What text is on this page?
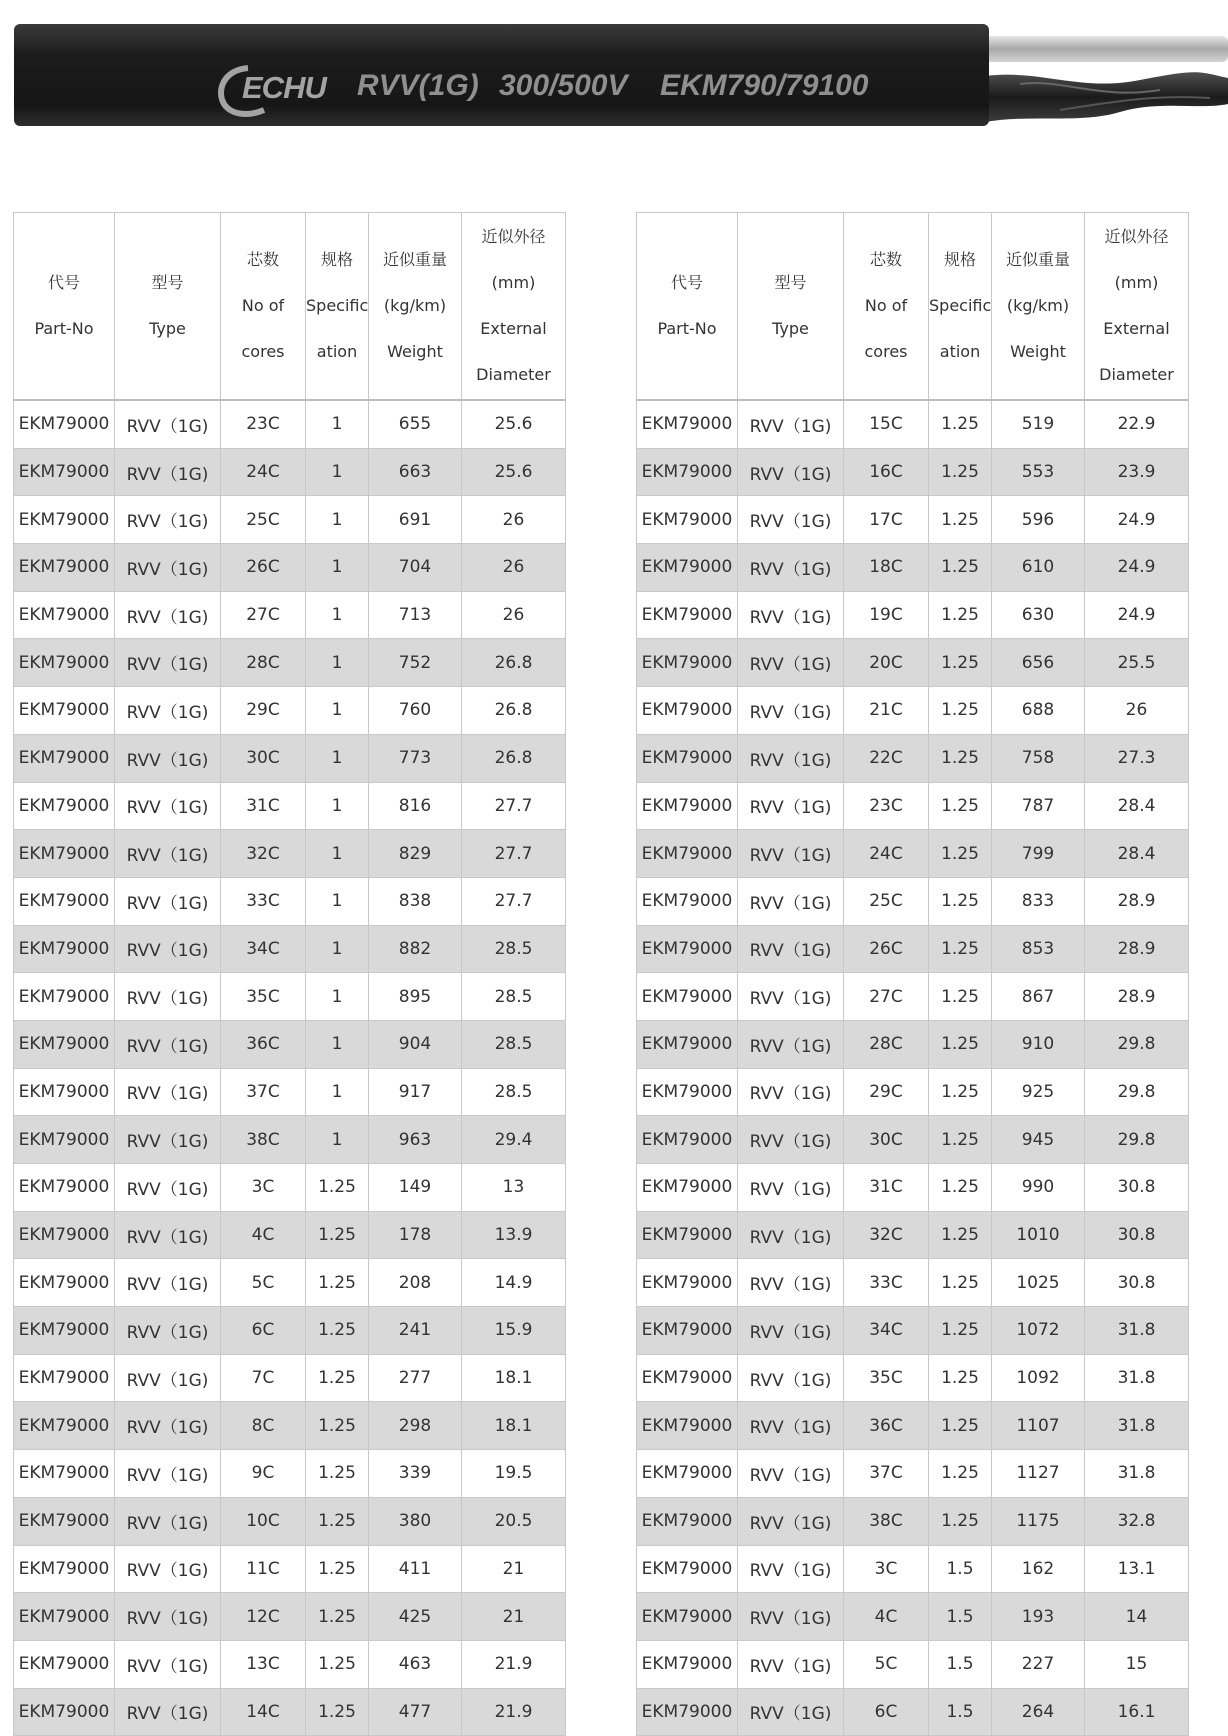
ECHU RVV(1G) 300/500V EKM790/79100
代号
Part-No	型号
Type	芯数
No of
cores	规格
Specific
ation	近似重量
(kg/km)
Weight	近似外径
(mm)
External
Diameter

EKM79000	RVV（1G)	23C	1	655	25.6
EKM79000	RVV（1G)	24C	1	663	25.6
EKM79000	RVV（1G)	25C	1	691	26
EKM79000	RVV（1G)	26C	1	704	26
EKM79000	RVV（1G)	27C	1	713	26
EKM79000	RVV（1G)	28C	1	752	26.8
EKM79000	RVV（1G)	29C	1	760	26.8
EKM79000	RVV（1G)	30C	1	773	26.8
EKM79000	RVV（1G)	31C	1	816	27.7
EKM79000	RVV（1G)	32C	1	829	27.7
EKM79000	RVV（1G)	33C	1	838	27.7
EKM79000	RVV（1G)	34C	1	882	28.5
EKM79000	RVV（1G)	35C	1	895	28.5
EKM79000	RVV（1G)	36C	1	904	28.5
EKM79000	RVV（1G)	37C	1	917	28.5
EKM79000	RVV（1G)	38C	1	963	29.4
EKM79000	RVV（1G)	3C	1.25	149	13
EKM79000	RVV（1G)	4C	1.25	178	13.9
EKM79000	RVV（1G)	5C	1.25	208	14.9
EKM79000	RVV（1G)	6C	1.25	241	15.9
EKM79000	RVV（1G)	7C	1.25	277	18.1
EKM79000	RVV（1G)	8C	1.25	298	18.1
EKM79000	RVV（1G)	9C	1.25	339	19.5
EKM79000	RVV（1G)	10C	1.25	380	20.5
EKM79000	RVV（1G)	11C	1.25	411	21
EKM79000	RVV（1G)	12C	1.25	425	21
EKM79000	RVV（1G)	13C	1.25	463	21.9
EKM79000	RVV（1G)	14C	1.25	477	21.9
代号
Part-No	型号
Type	芯数
No of
cores	规格
Specific
ation	近似重量
(kg/km)
Weight	近似外径
(mm)
External
Diameter

EKM79000	RVV（1G)	15C	1.25	519	22.9
EKM79000	RVV（1G)	16C	1.25	553	23.9
EKM79000	RVV（1G)	17C	1.25	596	24.9
EKM79000	RVV（1G)	18C	1.25	610	24.9
EKM79000	RVV（1G)	19C	1.25	630	24.9
EKM79000	RVV（1G)	20C	1.25	656	25.5
EKM79000	RVV（1G)	21C	1.25	688	26
EKM79000	RVV（1G)	22C	1.25	758	27.3
EKM79000	RVV（1G)	23C	1.25	787	28.4
EKM79000	RVV（1G)	24C	1.25	799	28.4
EKM79000	RVV（1G)	25C	1.25	833	28.9
EKM79000	RVV（1G)	26C	1.25	853	28.9
EKM79000	RVV（1G)	27C	1.25	867	28.9
EKM79000	RVV（1G)	28C	1.25	910	29.8
EKM79000	RVV（1G)	29C	1.25	925	29.8
EKM79000	RVV（1G)	30C	1.25	945	29.8
EKM79000	RVV（1G)	31C	1.25	990	30.8
EKM79000	RVV（1G)	32C	1.25	1010	30.8
EKM79000	RVV（1G)	33C	1.25	1025	30.8
EKM79000	RVV（1G)	34C	1.25	1072	31.8
EKM79000	RVV（1G)	35C	1.25	1092	31.8
EKM79000	RVV（1G)	36C	1.25	1107	31.8
EKM79000	RVV（1G)	37C	1.25	1127	31.8
EKM79000	RVV（1G)	38C	1.25	1175	32.8
EKM79000	RVV（1G)	3C	1.5	162	13.1
EKM79000	RVV（1G)	4C	1.5	193	14
EKM79000	RVV（1G)	5C	1.5	227	15
EKM79000	RVV（1G)	6C	1.5	264	16.1
